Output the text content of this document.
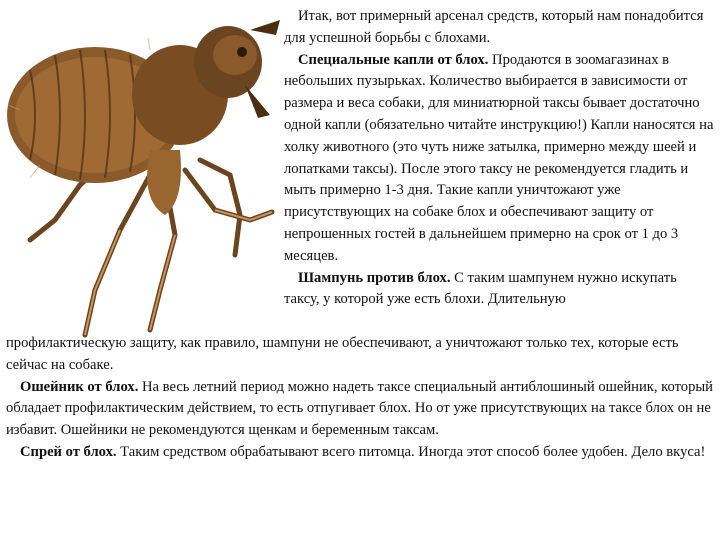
Итак, вот примерный арсенал средств, который нам понадобится для успешной борьбы с блохами.

Специальные капли от блох. Продаются в зоомагазинах в небольших пузырьках. Количество выбирается в зависимости от размера и веса собаки, для миниатюрной таксы бывает достаточно одной капли (обязательно читайте инструкцию!) Капли наносятся на холку животного (это чуть ниже затылка, примерно между шеей и лопатками таксы). После этого таксу не рекомендуется гладить и мыть примерно 1-3 дня. Такие капли уничтожают уже присутствующих на собаке блох и обеспечивают защиту от непрошенных гостей в дальнейшем примерно на срок от 1 до 3 месяцев.

Шампунь против блох. С таким шампунем нужно искупать таксу, у которой уже есть блохи. Длительную

профилактическую защиту, как правило, шампуни не обеспечивают, а уничтожают только тех, которые есть сейчас на собаке.

Ошейник от блох. На весь летний период можно надеть таксе специальный антиблошиный ошейник, который обладает профилактическим действием, то есть отпугивает блох. Но от уже присутствующих на таксе блох он не избавит. Ошейники не рекомендуются щенкам и беременным таксам.

Спрей от блох. Таким средством обрабатывают всего питомца. Иногда этот способ более удобен. Дело вкуса!
